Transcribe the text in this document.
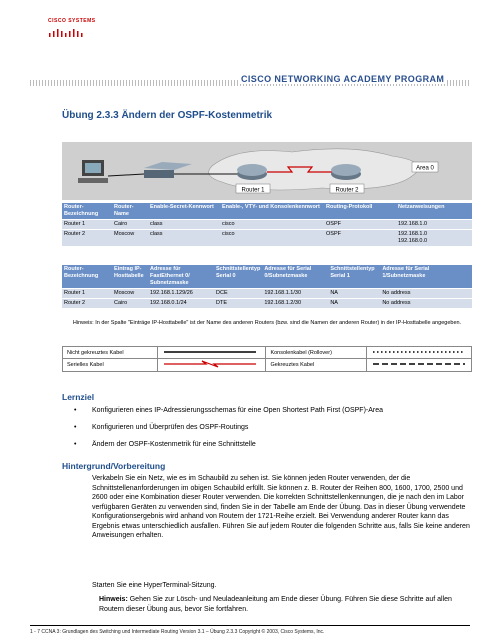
CISCO SYSTEMS
CISCO NETWORKING ACADEMY PROGRAM
Übung 2.3.3 Ändern der OSPF-Kostenmetrik
Router 1	Router 2
Area 0
Router-Bezeichnung	Router-Name	Enable-Secret-Kennwort	Enable-, VTY- und Konsolenkennwort	Routing-Protokoll	Netzanweisungen
Router 1	Cairo	class	cisco	OSPF	192.168.1.0
Router 2	Moscow	class	cisco	OSPF	192.168.1.0
192.168.0.0
Router-Bezeichnung	Eintrag IP-Hosttabelle	Adresse für FastEthernet 0/ Subnetzmaske	Schnittstellentyp Serial 0	Adresse für Serial 0/Subnetzmaske	Schnittstellentyp Serial 1	Adresse für Serial 1/Subnetzmaske
Router 1	Moscow	192.168.1.129/26	DCE	192.168.1.1/30	NA	No address
Router 2	Cairo	192.168.0.1/24	DTE	192.168.1.2/30	NA	No address
Hinweis: In der Spalte "Einträge IP-Hosttabelle" ist der Name des anderen Routers (bzw. sind die Namen der anderen Router) in der IP-Hosttabelle angegeben.
Nicht gekreuztes Kabel		Konsolenkabel (Rollover)	
Serielles Kabel		Gekreuztes Kabel	
Lernziel
• Konfigurieren eines IP-Adressierungsschemas für eine Open Shortest Path First (OSPF)-Area
• Konfigurieren und Überprüfen des OSPF-Routings
• Ändern der OSPF-Kostenmetrik für eine Schnittstelle
Hintergrund/Vorbereitung
Verkabeln Sie ein Netz, wie es im Schaubild zu sehen ist. Sie können jeden Router verwenden, der die Schnittstellenanforderungen im obigen Schaubild erfüllt. Sie können z. B. Router der Reihen 800, 1600, 1700, 2500 und 2600 oder eine Kombination dieser Router verwenden. Die korrekten Schnittstellenkennungen, die je nach den im Labor verfügbaren Geräten zu verwenden sind, finden Sie in der Tabelle am Ende der Übung. Das in dieser Übung verwendete Konfigurationsergebnis wird anhand von Routern der 1721-Reihe erzielt. Bei Verwendung anderer Router kann das Ergebnis etwas unterschiedlich ausfallen. Führen Sie auf jedem Router die folgenden Schritte aus, falls Sie keine anderen Anweisungen erhalten.
Starten Sie eine HyperTerminal-Sitzung.
Hinweis: Gehen Sie zur Lösch- und Neuladeanleitung am Ende dieser Übung. Führen Sie diese Schritte auf allen Routern dieser Übung aus, bevor Sie fortfahren.
1 - 7 CCNA 3: Grundlagen des Switching und Intermediate Routing Version 3.1 – Übung 2.3.3 Copyright © 2003, Cisco Systems, Inc.
